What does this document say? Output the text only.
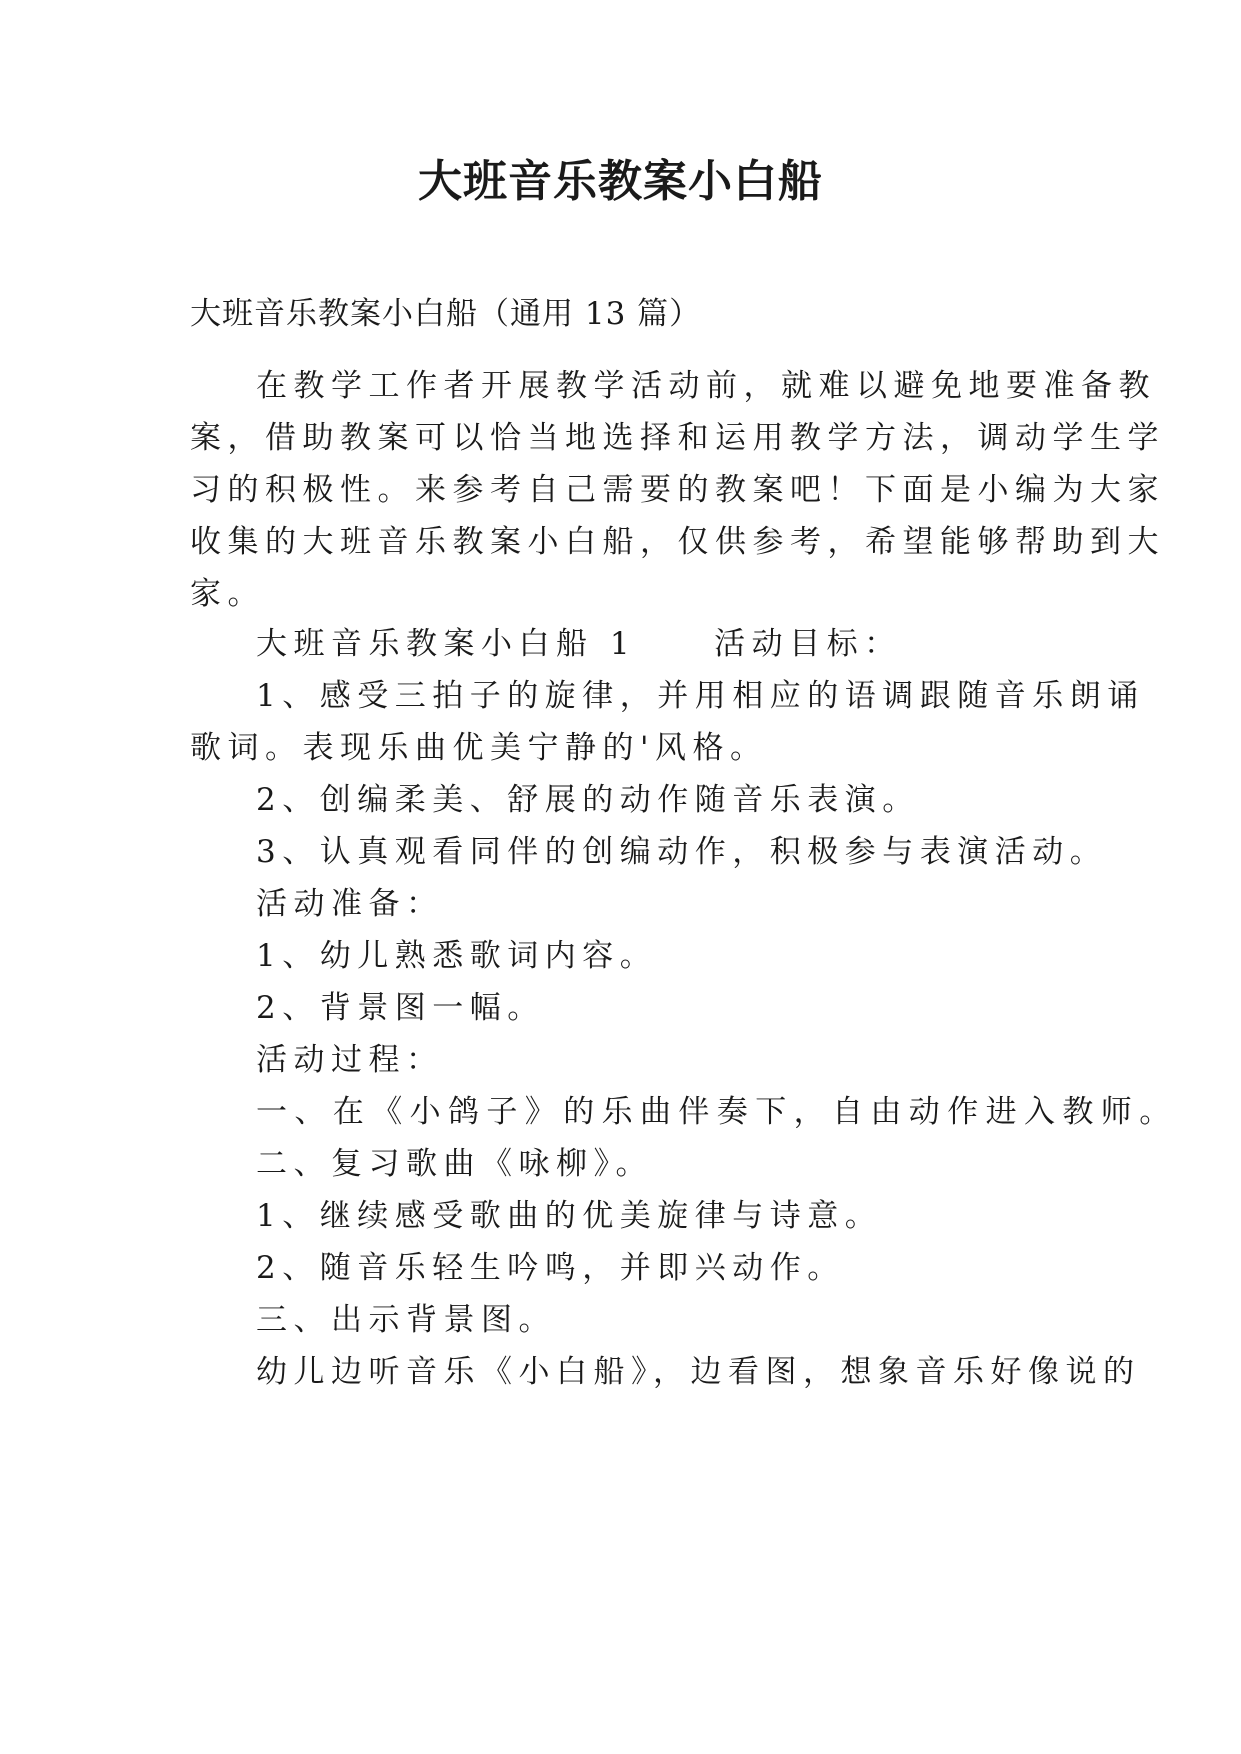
大班音乐教案小白船
大班音乐教案小白船（通用 13 篇）
在教学工作者开展教学活动前，就难以避免地要准备教
案，借助教案可以恰当地选择和运用教学方法，调动学生学
习的积极性。来参考自己需要的教案吧！下面是小编为大家
收集的大班音乐教案小白船，仅供参考，希望能够帮助到大
家。
大班音乐教案小白船 1	活动目标：
1、感受三拍子的旋律，并用相应的语调跟随音乐朗诵
歌词。表现乐曲优美宁静的'风格。
2、创编柔美、舒展的动作随音乐表演。
3、认真观看同伴的创编动作，积极参与表演活动。
活动准备：
1、幼儿熟悉歌词内容。
2、背景图一幅。
活动过程：
一、在《小鸽子》的乐曲伴奏下，自由动作进入教师。
二、复习歌曲《咏柳》。
1、继续感受歌曲的优美旋律与诗意。
2、随音乐轻生吟鸣，并即兴动作。
三、出示背景图。
幼儿边听音乐《小白船》，边看图，想象音乐好像说的
